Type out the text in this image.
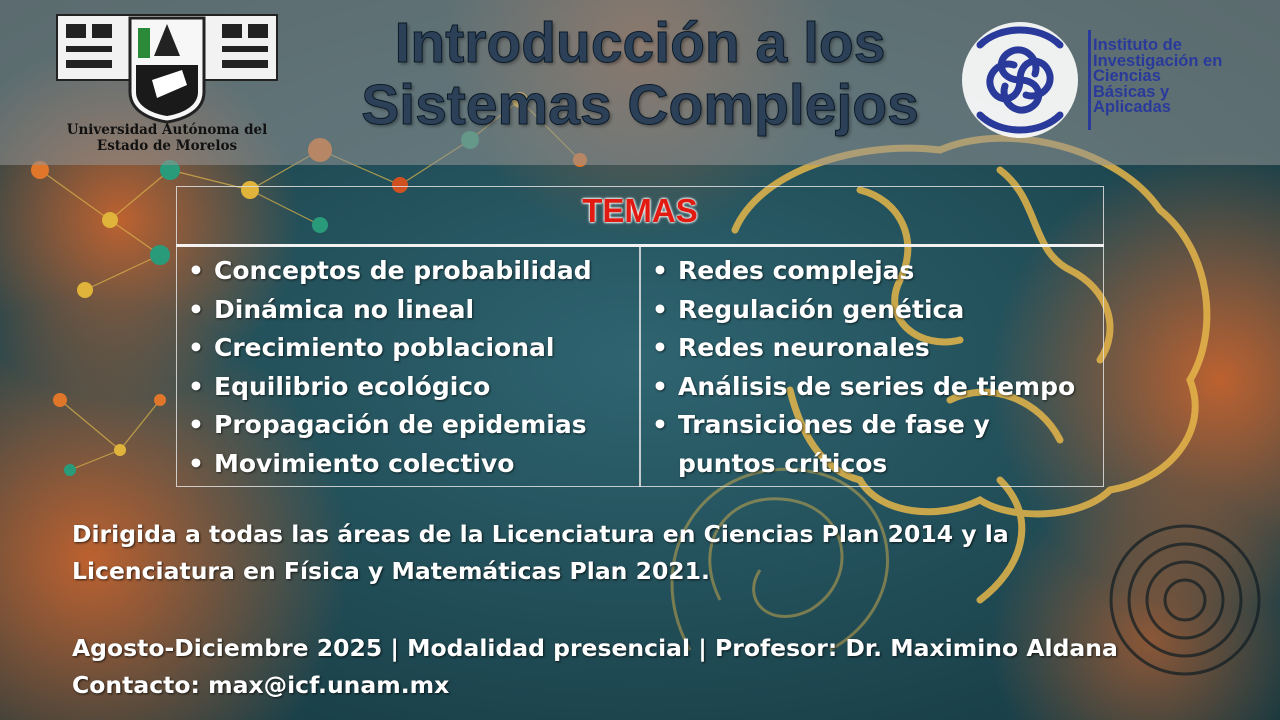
Universidad Autónoma del
Estado de Morelos
Introducción a los
Sistemas Complejos
Instituto de
Investigación en
Ciencias
Básicas y
Aplicadas
TEMAS
• Conceptos de probabilidad
• Dinámica no lineal
• Crecimiento poblacional
• Equilibrio ecológico
• Propagación de epidemias
• Movimiento colectivo
• Redes complejas
• Regulación genética
• Redes neuronales
• Análisis de series de tiempo
• Transiciones de fase y puntos críticos
Dirigida a todas las áreas de la Licenciatura en Ciencias Plan 2014 y la
Licenciatura en Física y Matemáticas Plan 2021.
Agosto-Diciembre 2025 | Modalidad presencial | Profesor: Dr. Maximino Aldana
Contacto: max@icf.unam.mx
